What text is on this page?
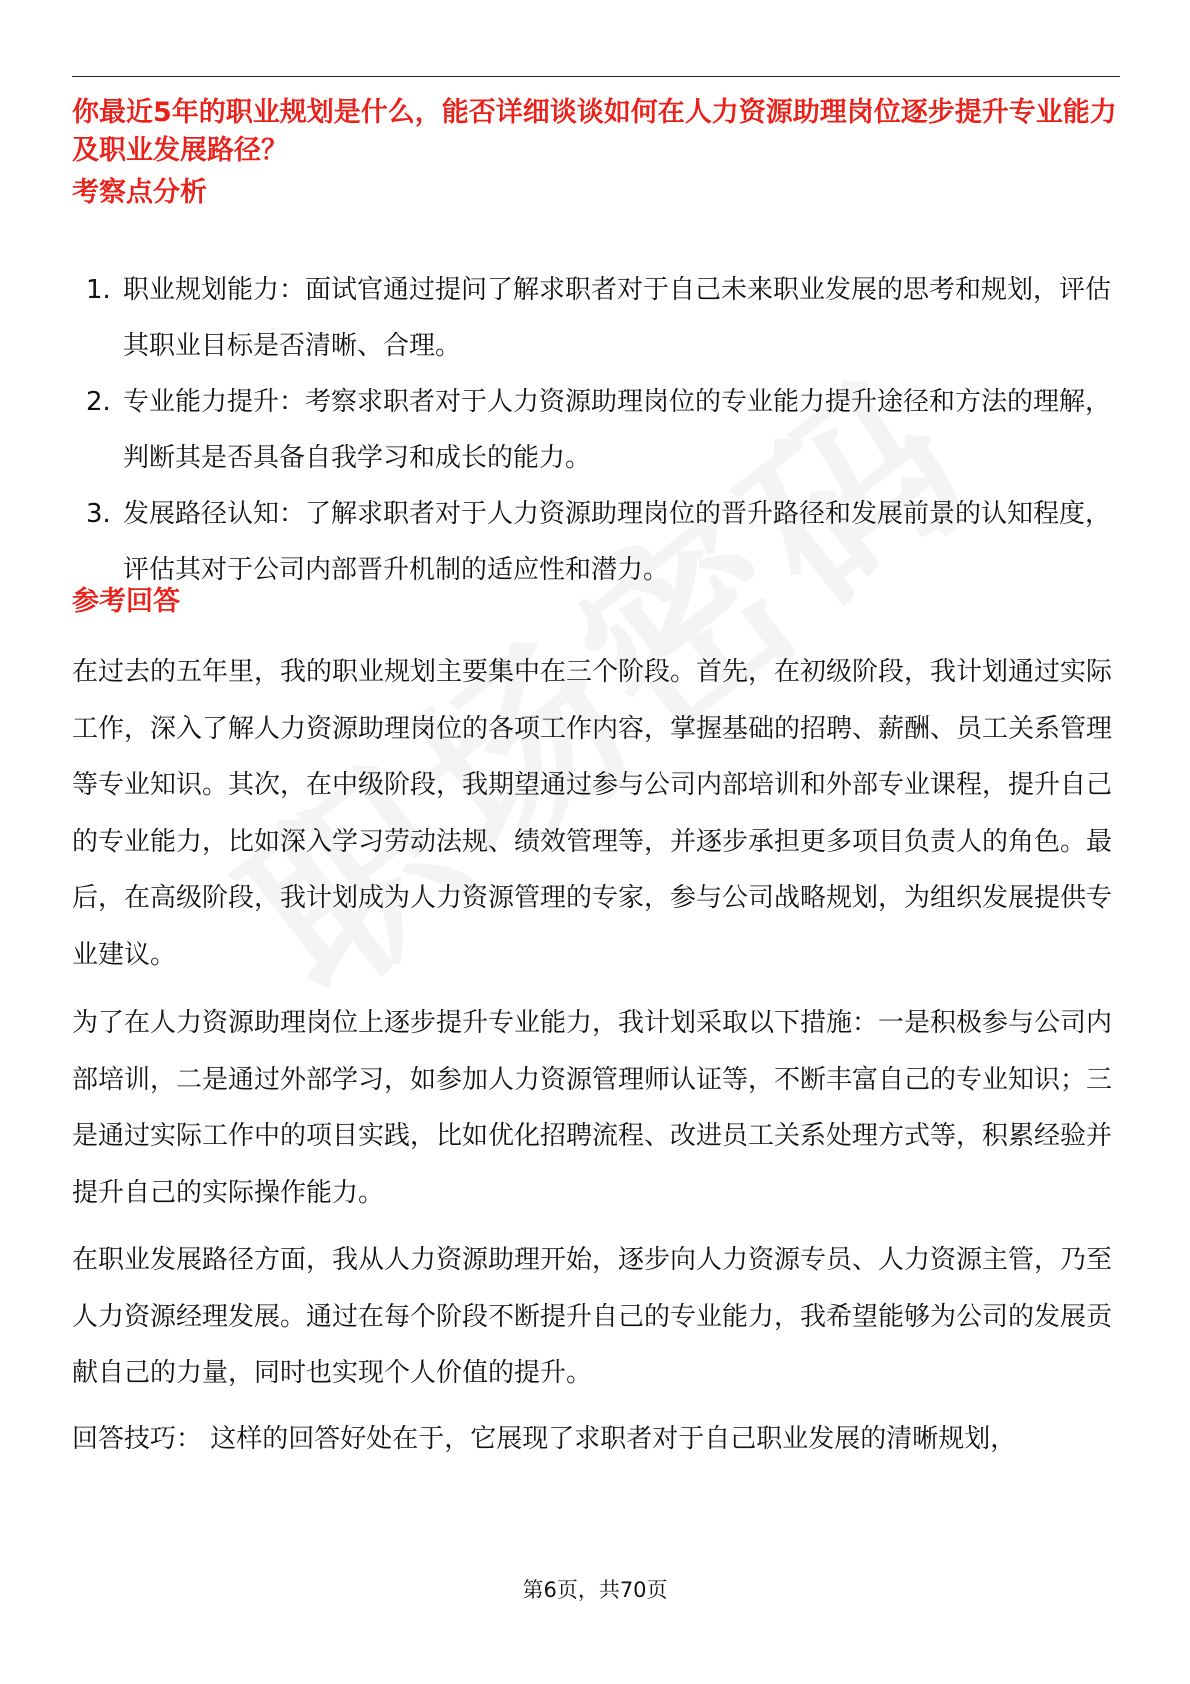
你最近5年的职业规划是什么，能否详细谈谈如何在人力资源助理岗位逐步提升专业能力及职业发展路径？
考察点分析
1. 职业规划能力：面试官通过提问了解求职者对于自己未来职业发展的思考和规划，评估其职业目标是否清晰、合理。
2. 专业能力提升：考察求职者对于人力资源助理岗位的专业能力提升途径和方法的理解，判断其是否具备自我学习和成长的能力。
3. 发展路径认知：了解求职者对于人力资源助理岗位的晋升路径和发展前景的认知程度，评估其对于公司内部晋升机制的适应性和潜力。
参考回答

在过去的五年里，我的职业规划主要集中在三个阶段。首先，在初级阶段，我计划通过实际工作，深入了解人力资源助理岗位的各项工作内容，掌握基础的招聘、薪酬、员工关系管理等专业知识。其次，在中级阶段，我期望通过参与公司内部培训和外部专业课程，提升自己的专业能力，比如深入学习劳动法规、绩效管理等，并逐步承担更多项目负责人的角色。最后，在高级阶段，我计划成为人力资源管理的专家，参与公司战略规划，为组织发展提供专业建议。

为了在人力资源助理岗位上逐步提升专业能力，我计划采取以下措施：一是积极参与公司内部培训，二是通过外部学习，如参加人力资源管理师认证等，不断丰富自己的专业知识；三是通过实际工作中的项目实践，比如优化招聘流程、改进员工关系处理方式等，积累经验并提升自己的实际操作能力。

在职业发展路径方面，我从人力资源助理开始，逐步向人力资源专员、人力资源主管，乃至人力资源经理发展。通过在每个阶段不断提升自己的专业能力，我希望能够为公司的发展贡献自己的力量，同时也实现个人价值的提升。

回答技巧： 这样的回答好处在于，它展现了求职者对于自己职业发展的清晰规划，

第6页，共70页
